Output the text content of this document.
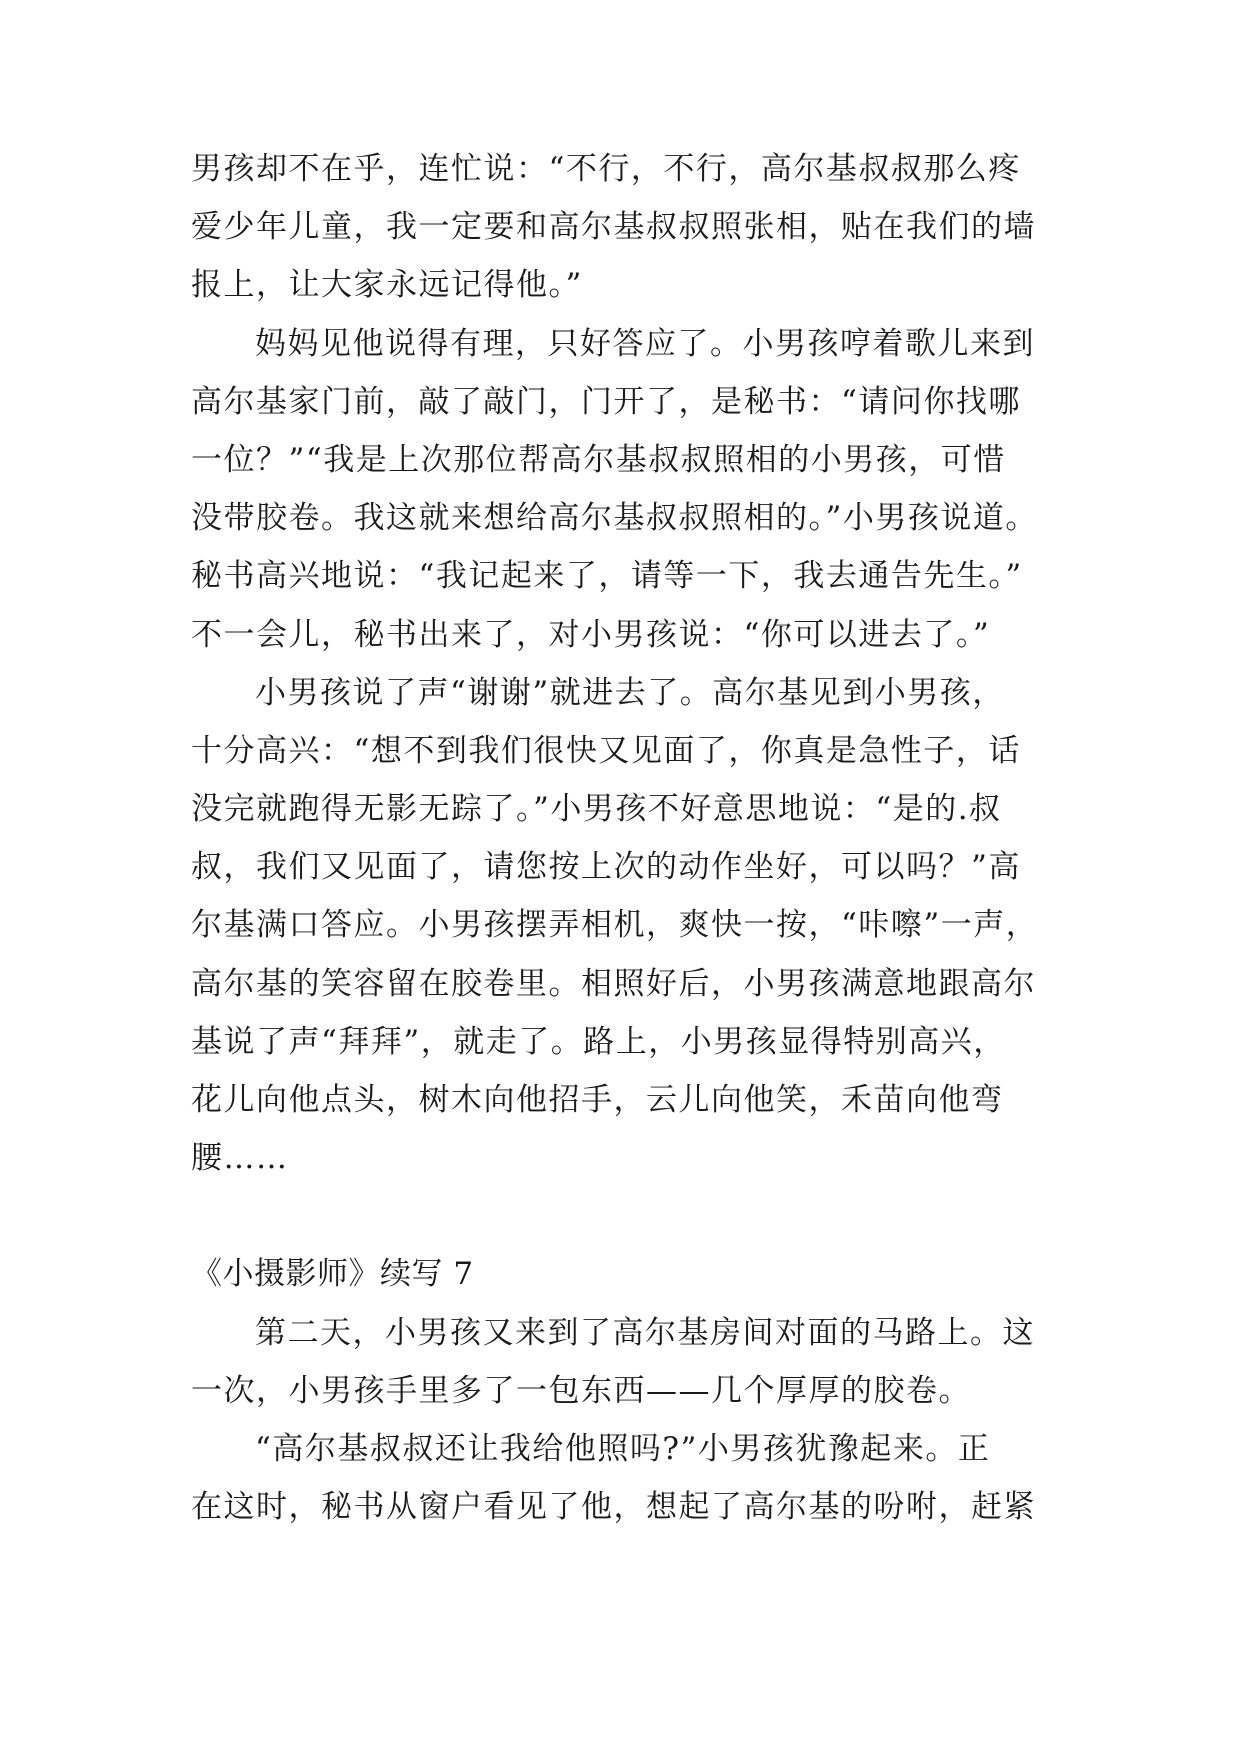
男孩却不在乎，连忙说：“不行，不行，高尔基叔叔那么疼
爱少年儿童，我一定要和高尔基叔叔照张相，贴在我们的墙
报上，让大家永远记得他。”
妈妈见他说得有理，只好答应了。小男孩哼着歌儿来到
高尔基家门前，敲了敲门，门开了，是秘书：“请问你找哪
一位？”“我是上次那位帮高尔基叔叔照相的小男孩，可惜
没带胶卷。我这就来想给高尔基叔叔照相的。”小男孩说道。
秘书高兴地说：“我记起来了，请等一下，我去通告先生。”
不一会儿，秘书出来了，对小男孩说：“你可以进去了。”
小男孩说了声“谢谢”就进去了。高尔基见到小男孩，
十分高兴：“想不到我们很快又见面了，你真是急性子，话
没完就跑得无影无踪了。”小男孩不好意思地说：“是的.叔
叔，我们又见面了，请您按上次的动作坐好，可以吗？”高
尔基满口答应。小男孩摆弄相机，爽快一按，“咔嚓”一声，
高尔基的笑容留在胶卷里。相照好后，小男孩满意地跟高尔
基说了声“拜拜”，就走了。路上，小男孩显得特别高兴，
花儿向他点头，树木向他招手，云儿向他笑，禾苗向他弯
腰……
《小摄影师》续写 7
第二天，小男孩又来到了高尔基房间对面的马路上。这
一次，小男孩手里多了一包东西——几个厚厚的胶卷。
“高尔基叔叔还让我给他照吗?”小男孩犹豫起来。正
在这时，秘书从窗户看见了他，想起了高尔基的吩咐，赶紧
